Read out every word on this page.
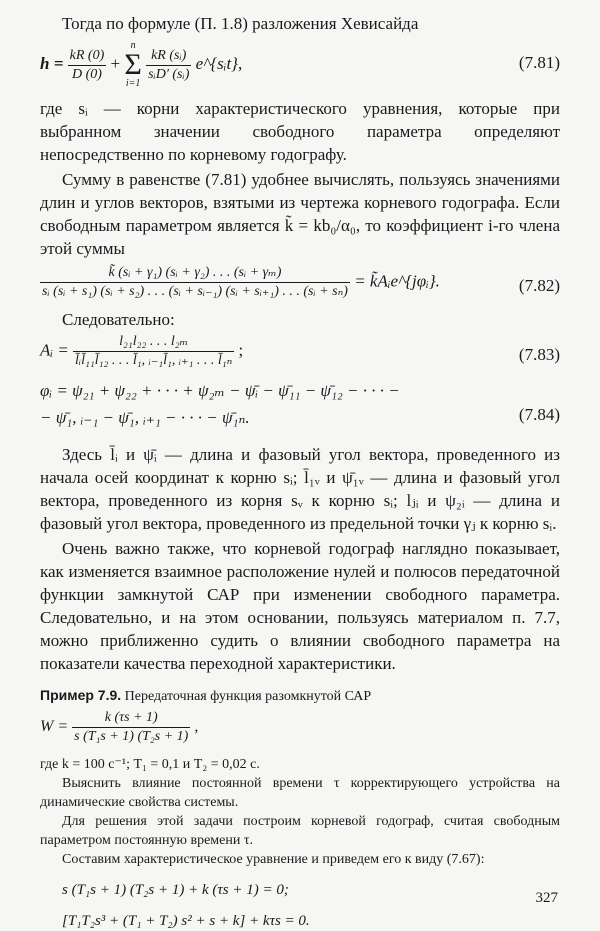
Тогда по формуле (П. 1.8) разложения Хевисайда

$h = \frac{kR (0)}{D (0)}$ +
n
Σ
i=1
$\frac{\text{kR (sᵢ)}}{\text{sᵢD′ (sᵢ)}}$ e^{sᵢt},	(7.81)

где sᵢ — корни характеристического уравнения, которые при выбранном значении свободного параметра определяют непосредственно по корневому годографу.

Сумму в равенстве (7.81) удобнее вычислять, пользуясь значениями длин и углов векторов, взятыми из чертежа корневого годографа. Если свободным параметром является k̃ = kb₀/α₀, то коэффициент i-го члена этой суммы

k̃ (sᵢ + γ₁) (sᵢ + γ₂) . . . (sᵢ + γₘ)
sᵢ (sᵢ + s₁) (sᵢ + s₂) . . . (sᵢ + sᵢ₋₁) (sᵢ + sᵢ₊₁) . . . (sᵢ + sₙ)
= k̃Aᵢe^{jφᵢ}.	(7.82)

Следовательно:

Aᵢ = $\frac{\text{l₂₁l₂₂ . . . l₂ₘ}}{\text{l̄ᵢl̄₁₁l̄₁₂ . . . l̄₁, ᵢ₋₁l̄₁, ᵢ₊₁ . . . l̄₁ₙ}}$ ;	(7.83)
φᵢ = ψ₂₁ + ψ₂₂ + · · · + ψ₂ₘ − ψ̄ᵢ − ψ̄₁₁ − ψ̄₁₂ − · · · −
− ψ̄₁, ᵢ₋₁ − ψ̄₁, ᵢ₊₁ − · · · − ψ̄₁ₙ.	(7.84)

Здесь l̄ᵢ и ψ̄ᵢ — длина и фазовый угол вектора, проведенного из начала осей координат к корню sᵢ; l̄₁ᵥ и ψ̄₁ᵥ — длина и фазовый угол вектора, проведенного из корня sᵥ к корню sᵢ; lⱼᵢ и ψ₂ᵢ — длина и фазовый угол вектора, проведенного из предельной точки γⱼ к корню sᵢ.

Очень важно также, что корневой годограф наглядно показывает, как изменяется взаимное расположение нулей и полюсов передаточной функции замкнутой САР при изменении свободного параметра. Следовательно, и на этом основании, пользуясь материалом п. 7.7, можно приближенно судить о влиянии свободного параметра на показатели качества переходной характеристики.

Пример 7.9. Передаточная функция разомкнутой САР
$W = \frac{k (\tau s + 1)}{\text{s (T₁s + 1) (T₂s + 1)}}$ ,

где k = 100 с⁻¹; T₁ = 0,1 и T₂ = 0,02 с.

Выяснить влияние постоянной времени τ корректирующего устройства на динамические свойства системы.

Для решения этой задачи построим корневой годограф, считая свободным параметром постоянную времени τ.

Составим характеристическое уравнение и приведем его к виду (7.67):

s (T₁s + 1) (T₂s + 1) + k (τs + 1) = 0;

[T₁T₂s³ + (T₁ + T₂) s² + s + k] + kτs = 0.

327
